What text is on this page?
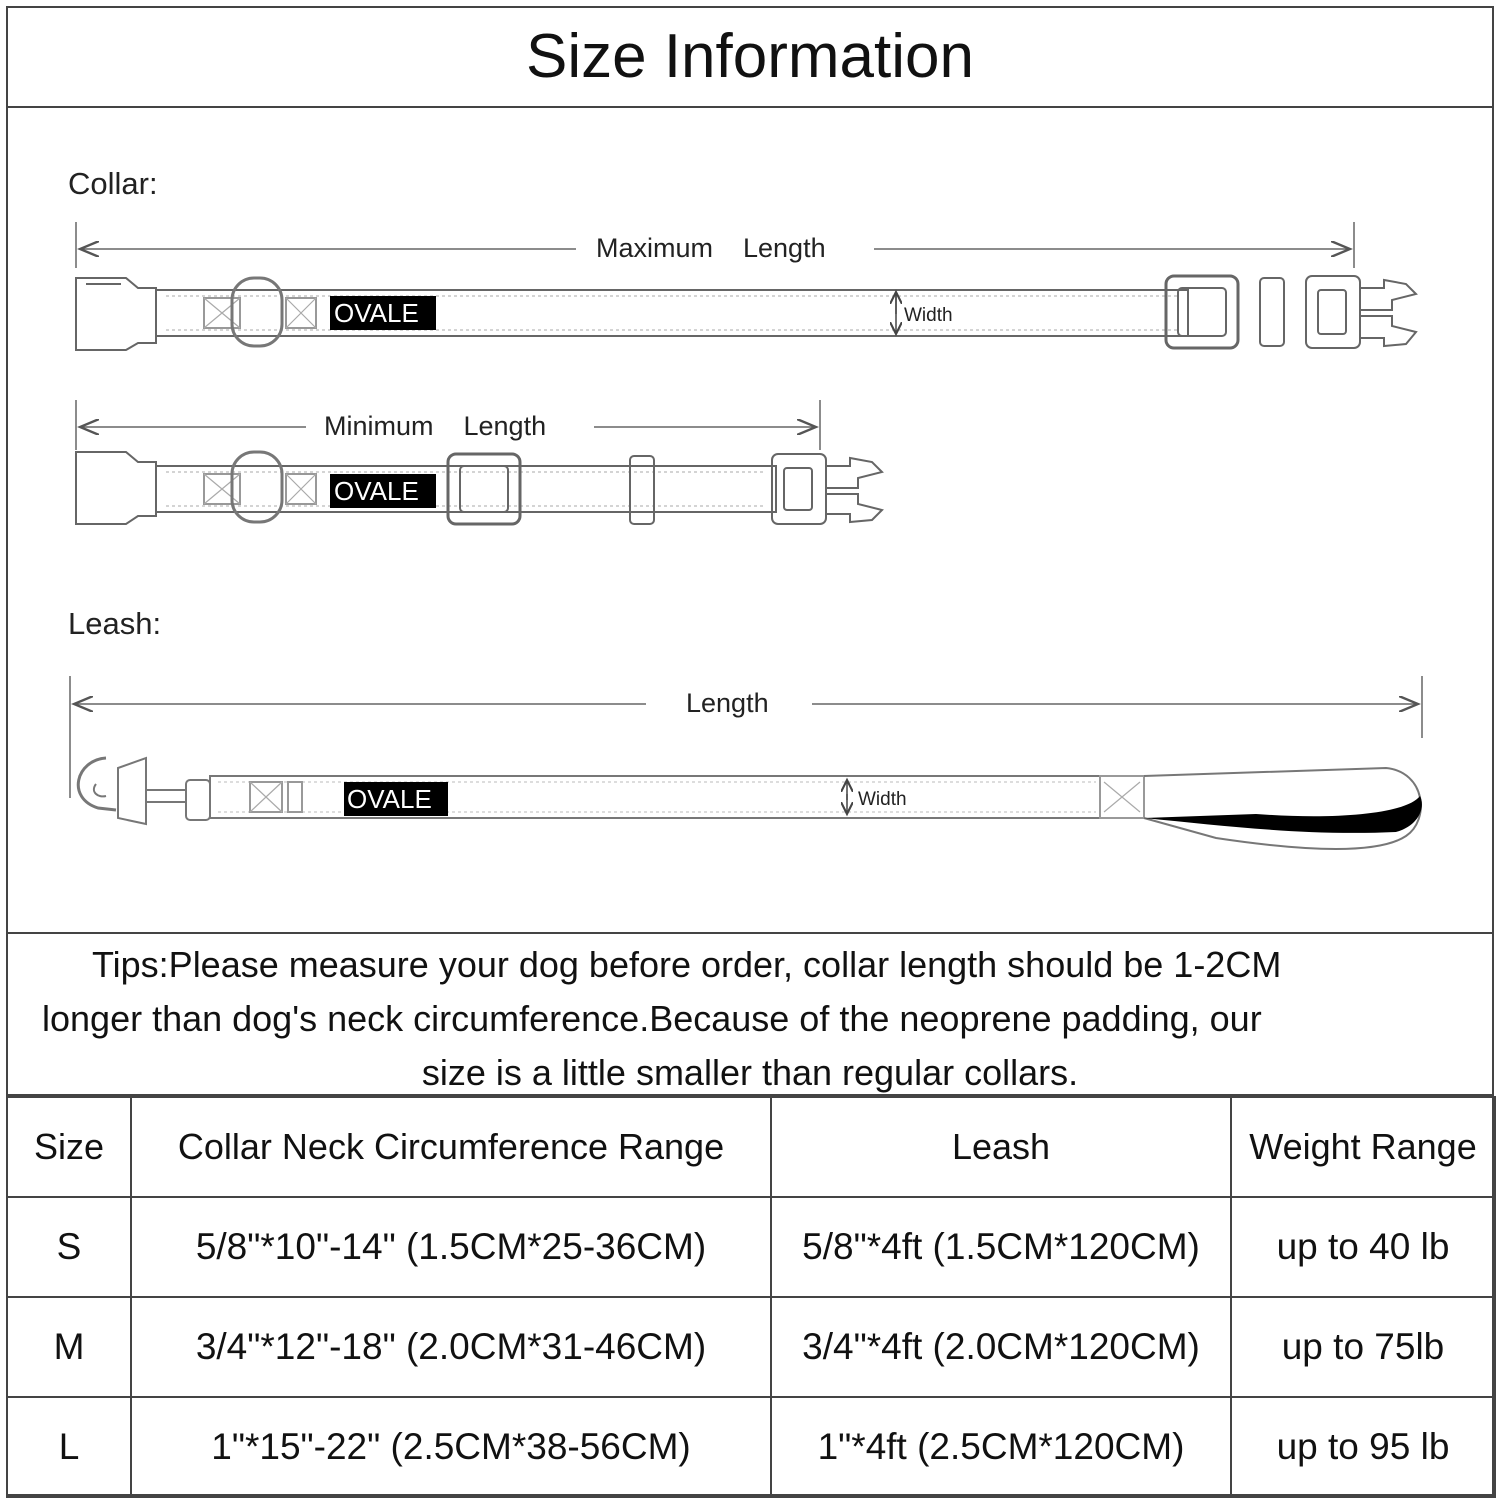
Size Information
Collar:
Maximum    Length
OVALE	Width
Minimum    Length
OVALE
Leash:
Length
OVALE	Width
Tips:Please measure your dog before order, collar length should be 1-2CM
longer than dog's neck circumference.Because of the neoprene padding, our
size is a little smaller than regular collars.
Size	Collar Neck Circumference Range	Leash	Weight Range
S	5/8"*10"-14" (1.5CM*25-36CM)	5/8"*4ft (1.5CM*120CM)	up to 40 lb
M	3/4"*12"-18" (2.0CM*31-46CM)	3/4"*4ft (2.0CM*120CM)	up to 75lb
L	1"*15"-22" (2.5CM*38-56CM)	1"*4ft (2.5CM*120CM)	up to 95 lb
